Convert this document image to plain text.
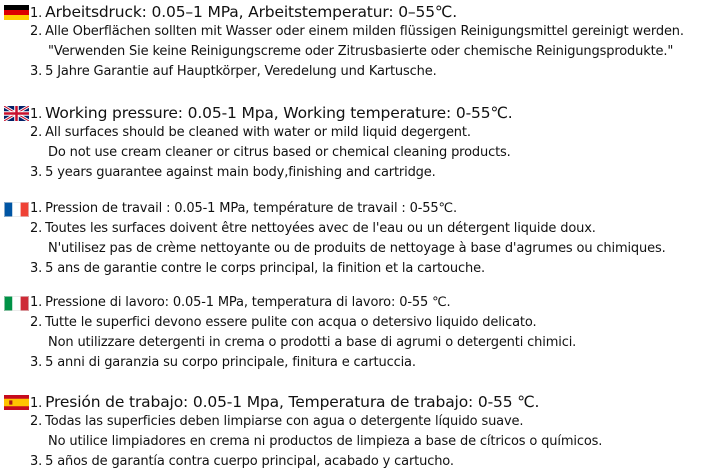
1. Arbeitsdruck: 0.05–1 MPa, Arbeitstemperatur: 0–55℃.
2. Alle Oberflächen sollten mit Wasser oder einem milden flüssigen Reinigungsmittel gereinigt werden.
"Verwenden Sie keine Reinigungscreme oder Zitrusbasierte oder chemische Reinigungsprodukte."
3. 5 Jahre Garantie auf Hauptkörper, Veredelung und Kartusche.
1. Working pressure: 0.05-1 Mpa, Working temperature: 0-55℃.
2. All surfaces should be cleaned with water or mild liquid degergent.
Do not use cream cleaner or citrus based or chemical cleaning products.
3. 5 years guarantee against main body,finishing and cartridge.
1. Pression de travail : 0.05-1 MPa, température de travail : 0-55℃.
2. Toutes les surfaces doivent être nettoyées avec de l'eau ou un détergent liquide doux.
N'utilisez pas de crème nettoyante ou de produits de nettoyage à base d'agrumes ou chimiques.
3. 5 ans de garantie contre le corps principal, la finition et la cartouche.
1. Pressione di lavoro: 0.05-1 MPa, temperatura di lavoro: 0-55 ℃.
2. Tutte le superfici devono essere pulite con acqua o detersivo liquido delicato.
Non utilizzare detergenti in crema o prodotti a base di agrumi o detergenti chimici.
3. 5 anni di garanzia su corpo principale, finitura e cartuccia.
1. Presión de trabajo: 0.05-1 Mpa, Temperatura de trabajo: 0-55 ℃.
2. Todas las superficies deben limpiarse con agua o detergente líquido suave.
No utilice limpiadores en crema ni productos de limpieza a base de cítricos o químicos.
3. 5 años de garantía contra cuerpo principal, acabado y cartucho.
